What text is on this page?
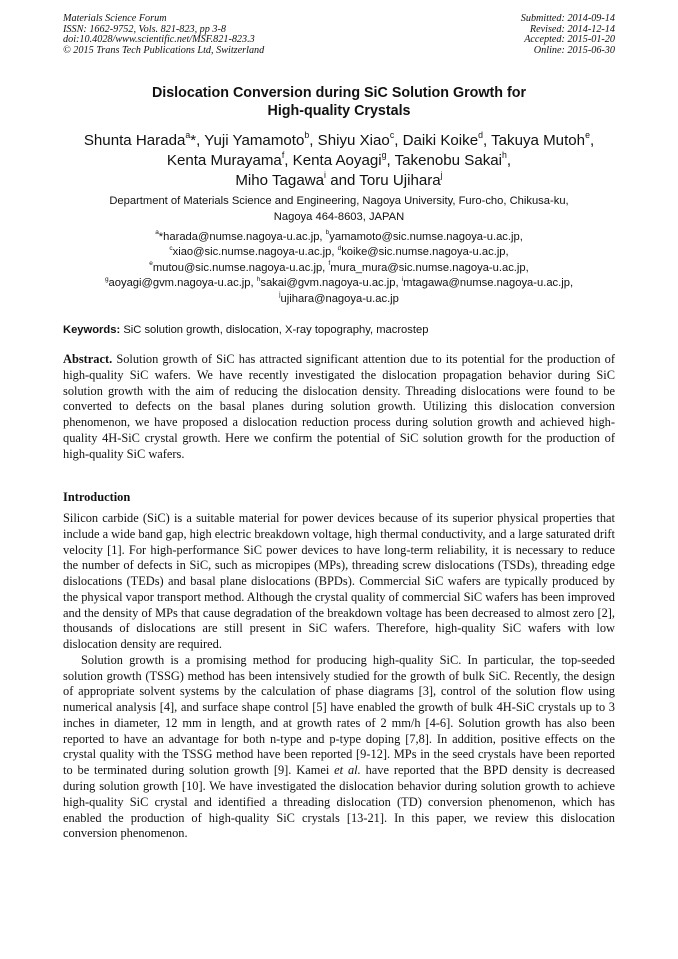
Materials Science Forum
ISSN: 1662-9752, Vols. 821-823, pp 3-8
doi:10.4028/www.scientific.net/MSF.821-823.3
© 2015 Trans Tech Publications Ltd, Switzerland
Submitted: 2014-09-14
Revised: 2014-12-14
Accepted: 2015-01-20
Online: 2015-06-30
Dislocation Conversion during SiC Solution Growth for
High-quality Crystals
Shunta Harada$^a$*, Yuji Yamamoto$^b$, Shiyu Xiao$^c$, Daiki Koike$^d$, Takuya Mutoh$^e$,
Kenta Murayama$^f$, Kenta Aoyagi$^g$, Takenobu Sakai$^h$,
Miho Tagawa$^i$ and Toru Ujihara$^j$
Department of Materials Science and Engineering, Nagoya University, Furo-cho, Chikusa-ku,
Nagoya 464-8603, JAPAN
$^a$*harada@numse.nagoya-u.ac.jp, $^b$yamamoto@sic.numse.nagoya-u.ac.jp,
$^c$xiao@sic.numse.nagoya-u.ac.jp, $^d$koike@sic.numse.nagoya-u.ac.jp,
$^e$mutou@sic.numse.nagoya-u.ac.jp, $^f$mura_mura@sic.numse.nagoya-u.ac.jp,
$^g$aoyagi@gvm.nagoya-u.ac.jp, $^h$sakai@gvm.nagoya-u.ac.jp, $^i$mtagawa@numse.nagoya-u.ac.jp,
$^j$ujihara@nagoya-u.ac.jp
Keywords: SiC solution growth, dislocation, X-ray topography, macrostep
Abstract. Solution growth of SiC has attracted significant attention due to its potential for the production of high-quality SiC wafers. We have recently investigated the dislocation propagation behavior during SiC solution growth with the aim of reducing the dislocation density. Threading dislocations were found to be converted to defects on the basal planes during solution growth. Utilizing this dislocation conversion phenomenon, we have proposed a dislocation reduction process during solution growth and achieved high-quality 4H-SiC crystal growth. Here we confirm the potential of SiC solution growth for the production of high-quality SiC wafers.
Introduction

Silicon carbide (SiC) is a suitable material for power devices because of its superior physical properties that include a wide band gap, high electric breakdown voltage, high thermal conductivity, and a large saturated drift velocity [1]. For high-performance SiC power devices to have long-term reliability, it is necessary to reduce the number of defects in SiC, such as micropipes (MPs), threading screw dislocations (TSDs), threading edge dislocations (TEDs) and basal plane dislocations (BPDs). Commercial SiC wafers are typically produced by the physical vapor transport method. Although the crystal quality of commercial SiC wafers has been improved and the density of MPs that cause degradation of the breakdown voltage has been decreased to almost zero [2], thousands of dislocations are still present in SiC wafers. Therefore, high-quality SiC wafers with low dislocation density are required.

Solution growth is a promising method for producing high-quality SiC. In particular, the top-seeded solution growth (TSSG) method has been intensively studied for the growth of bulk SiC. Recently, the design of appropriate solvent systems by the calculation of phase diagrams [3], control of the solution flow using numerical analysis [4], and surface shape control [5] have enabled the growth of bulk 4H-SiC crystals up to 3 inches in diameter, 12 mm in length, and at growth rates of 2 mm/h [4-6]. Solution growth has also been reported to have an advantage for both n-type and p-type doping [7,8]. In addition, positive effects on the crystal quality with the TSSG method have been reported [9-12]. MPs in the seed crystals have been reported to be terminated during solution growth [9]. Kamei et al. have reported that the BPD density is decreased during solution growth [10]. We have investigated the dislocation behavior during solution growth to achieve high-quality SiC crystal and identified a threading dislocation (TD) conversion phenomenon, which has enabled the production of high-quality SiC crystals [13-21]. In this paper, we review this dislocation conversion phenomenon.
